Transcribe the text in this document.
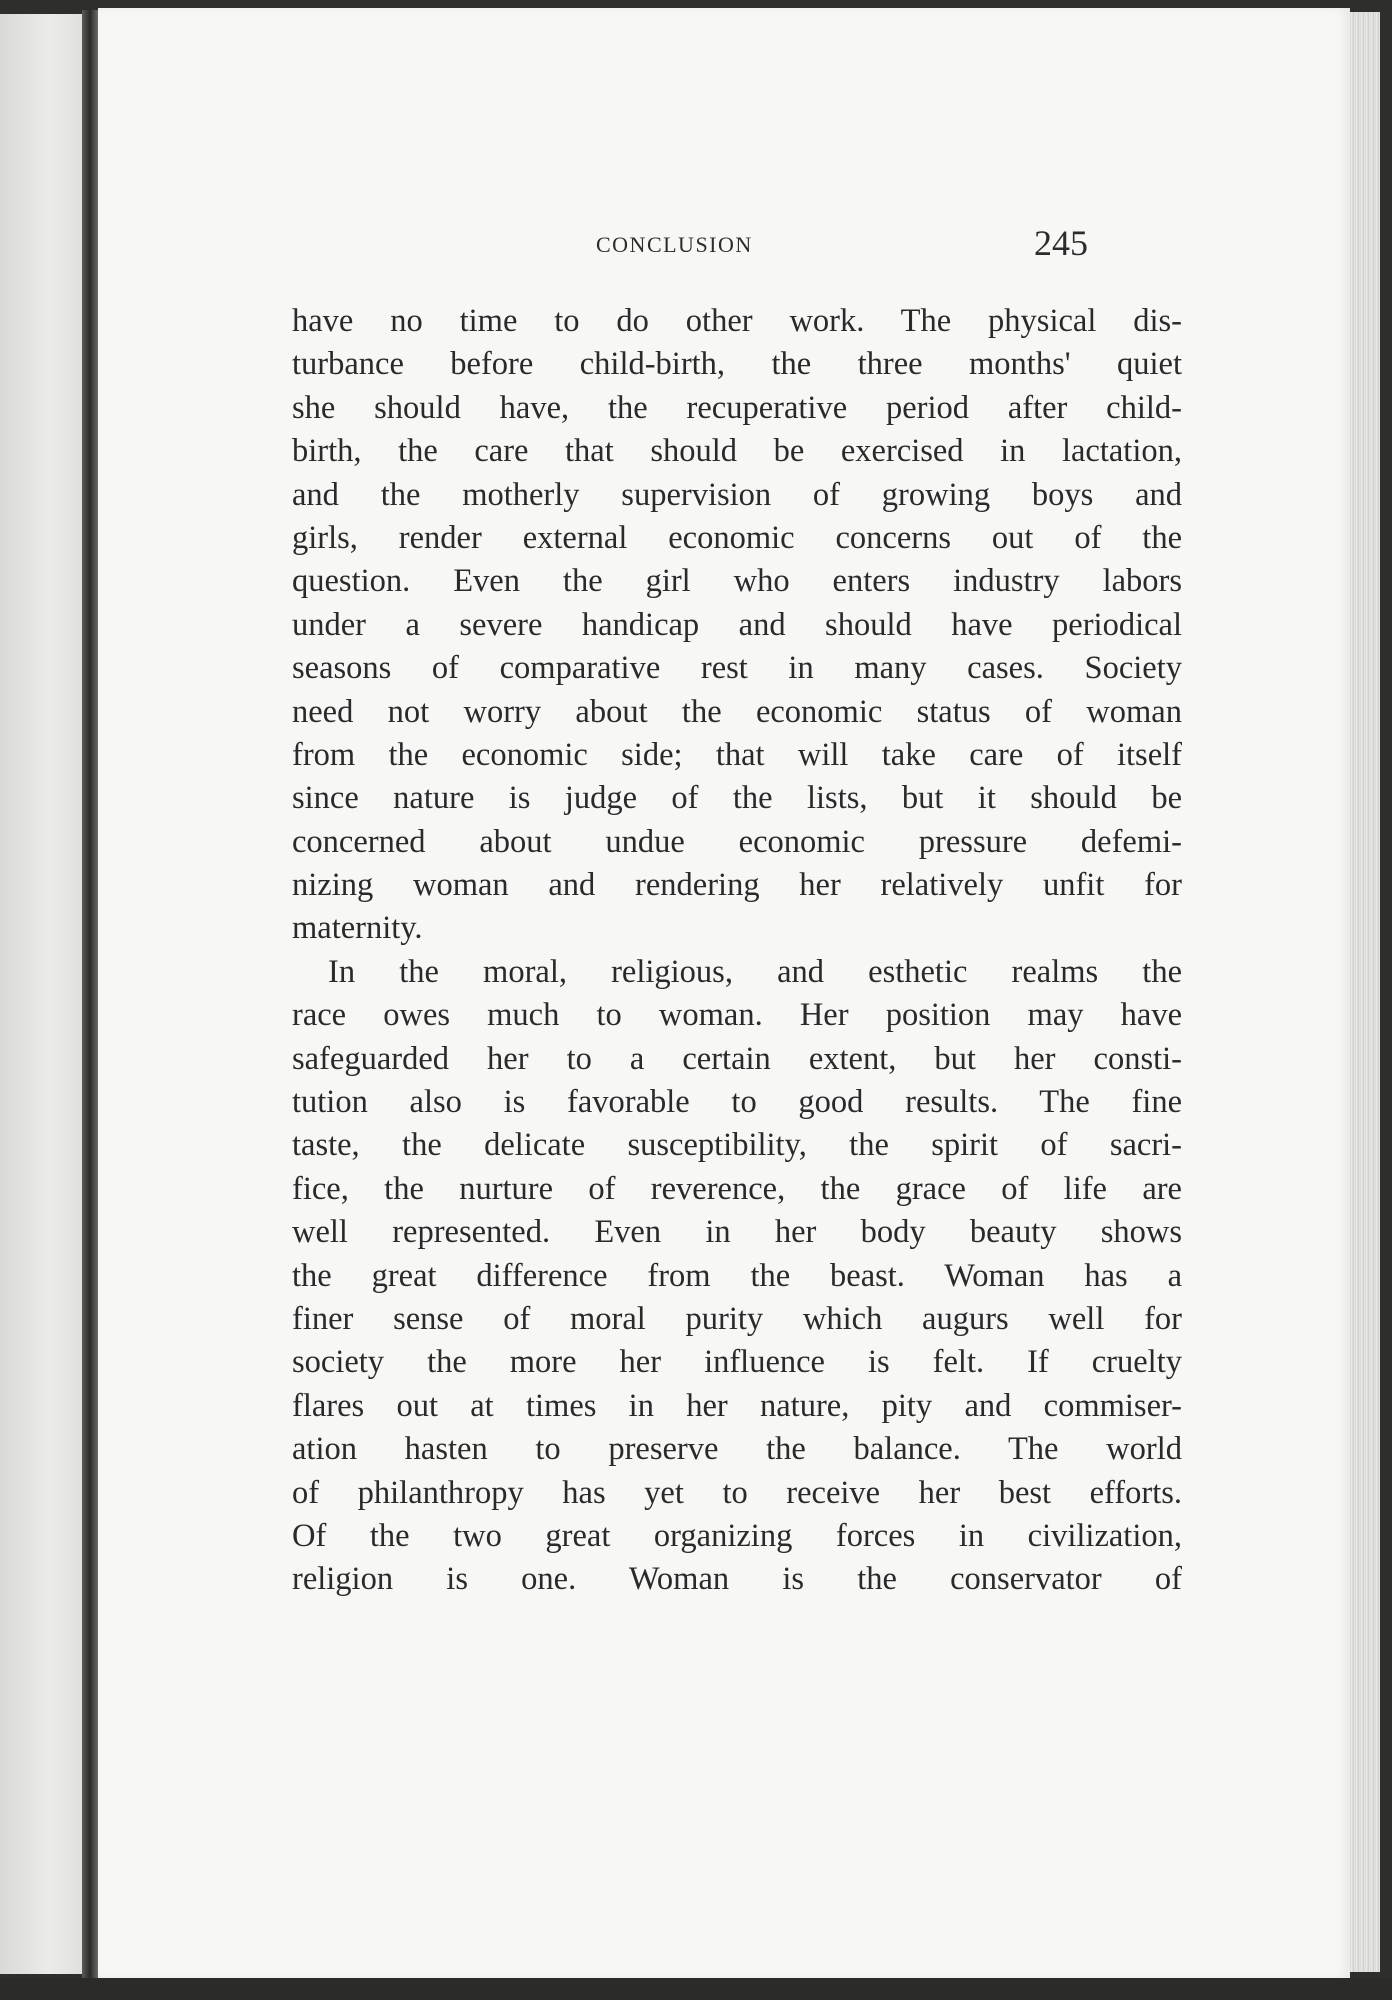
CONCLUSION	245
have no time to do other work. The physical dis-
turbance before child-birth, the three months' quiet
she should have, the recuperative period after child-
birth, the care that should be exercised in lactation,
and the motherly supervision of growing boys and
girls, render external economic concerns out of the
question. Even the girl who enters industry labors
under a severe handicap and should have periodical
seasons of comparative rest in many cases. Society
need not worry about the economic status of woman
from the economic side; that will take care of itself
since nature is judge of the lists, but it should be
concerned about undue economic pressure defemi-
nizing woman and rendering her relatively unfit for
maternity.
In the moral, religious, and esthetic realms the
race owes much to woman. Her position may have
safeguarded her to a certain extent, but her consti-
tution also is favorable to good results. The fine
taste, the delicate susceptibility, the spirit of sacri-
fice, the nurture of reverence, the grace of life are
well represented. Even in her body beauty shows
the great difference from the beast. Woman has a
finer sense of moral purity which augurs well for
society the more her influence is felt. If cruelty
flares out at times in her nature, pity and commiser-
ation hasten to preserve the balance. The world
of philanthropy has yet to receive her best efforts.
Of the two great organizing forces in civilization,
religion is one. Woman is the conservator of
